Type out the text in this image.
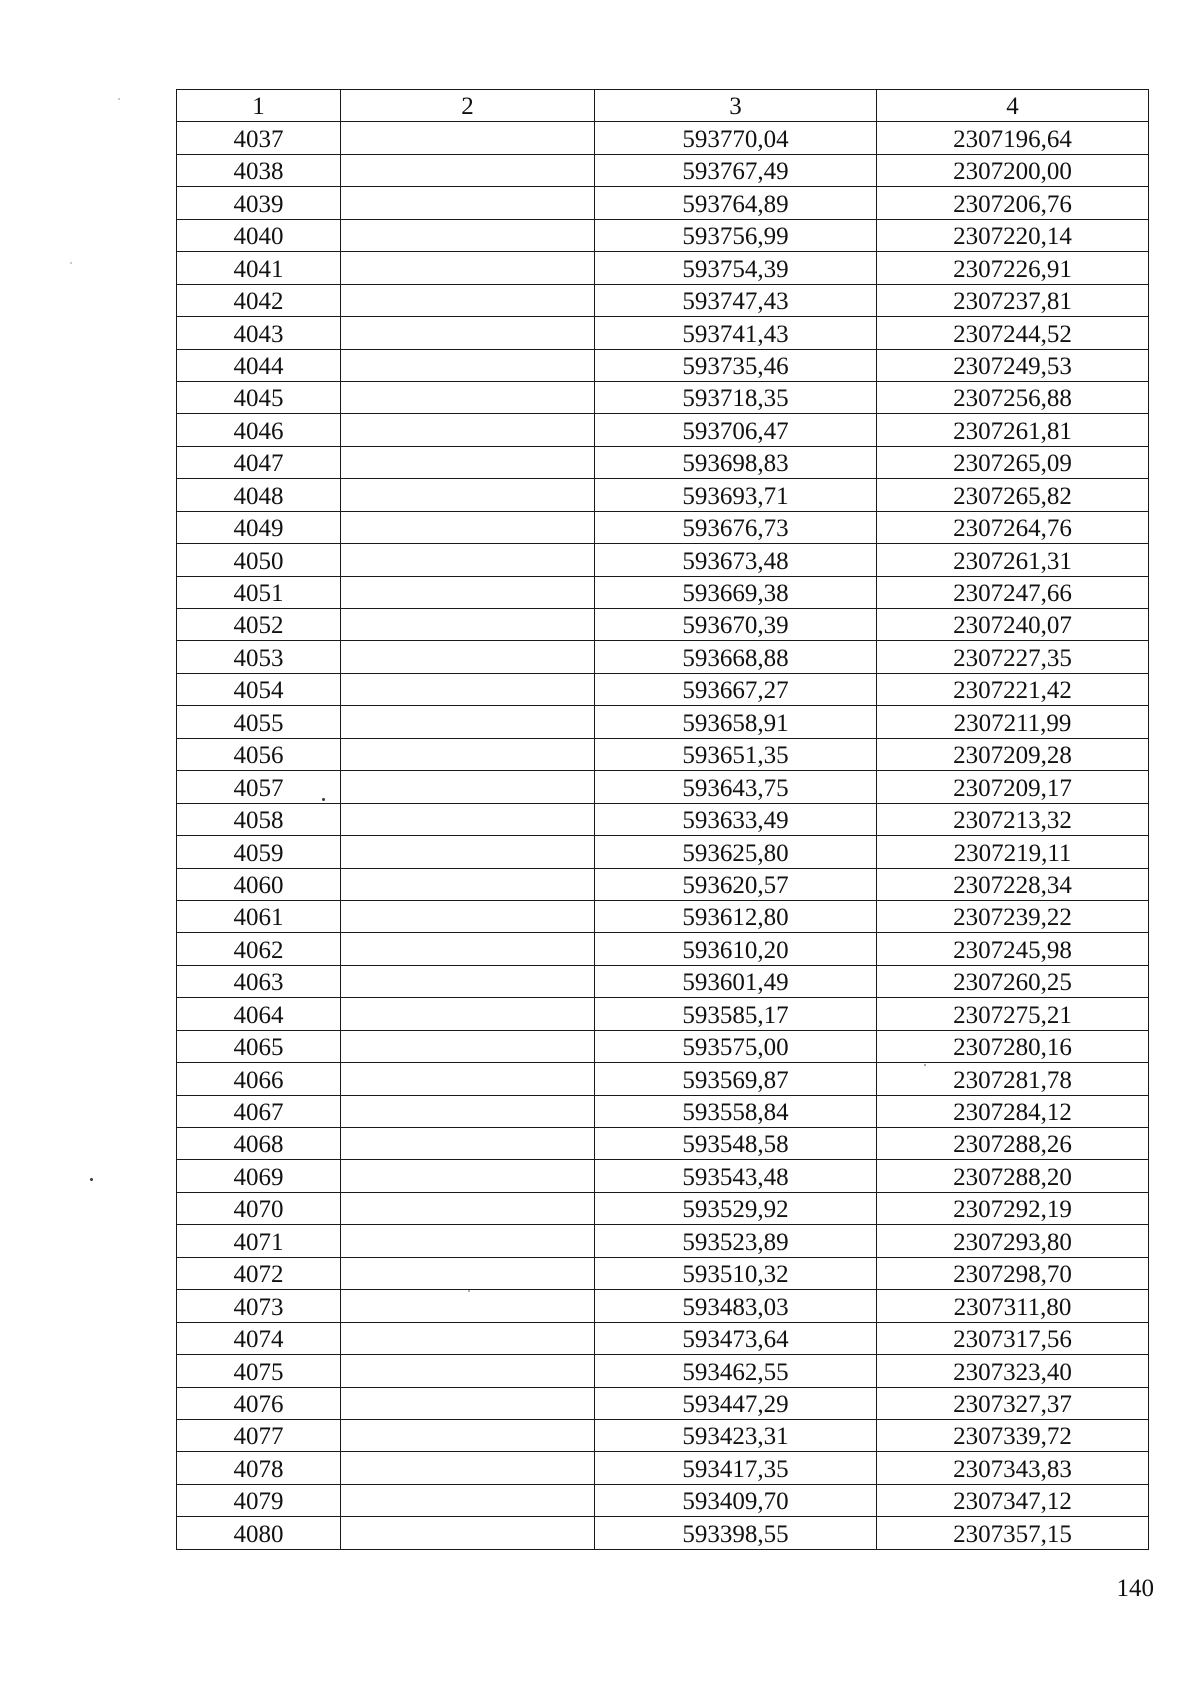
1	2	3	4
4037		593770,04	2307196,64
4038		593767,49	2307200,00
4039		593764,89	2307206,76
4040		593756,99	2307220,14
4041		593754,39	2307226,91
4042		593747,43	2307237,81
4043		593741,43	2307244,52
4044		593735,46	2307249,53
4045		593718,35	2307256,88
4046		593706,47	2307261,81
4047		593698,83	2307265,09
4048		593693,71	2307265,82
4049		593676,73	2307264,76
4050		593673,48	2307261,31
4051		593669,38	2307247,66
4052		593670,39	2307240,07
4053		593668,88	2307227,35
4054		593667,27	2307221,42
4055		593658,91	2307211,99
4056		593651,35	2307209,28
4057		593643,75	2307209,17
4058		593633,49	2307213,32
4059		593625,80	2307219,11
4060		593620,57	2307228,34
4061		593612,80	2307239,22
4062		593610,20	2307245,98
4063		593601,49	2307260,25
4064		593585,17	2307275,21
4065		593575,00	2307280,16
4066		593569,87	2307281,78
4067		593558,84	2307284,12
4068		593548,58	2307288,26
4069		593543,48	2307288,20
4070		593529,92	2307292,19
4071		593523,89	2307293,80
4072		593510,32	2307298,70
4073		593483,03	2307311,80
4074		593473,64	2307317,56
4075		593462,55	2307323,40
4076		593447,29	2307327,37
4077		593423,31	2307339,72
4078		593417,35	2307343,83
4079		593409,70	2307347,12
4080		593398,55	2307357,15
140
